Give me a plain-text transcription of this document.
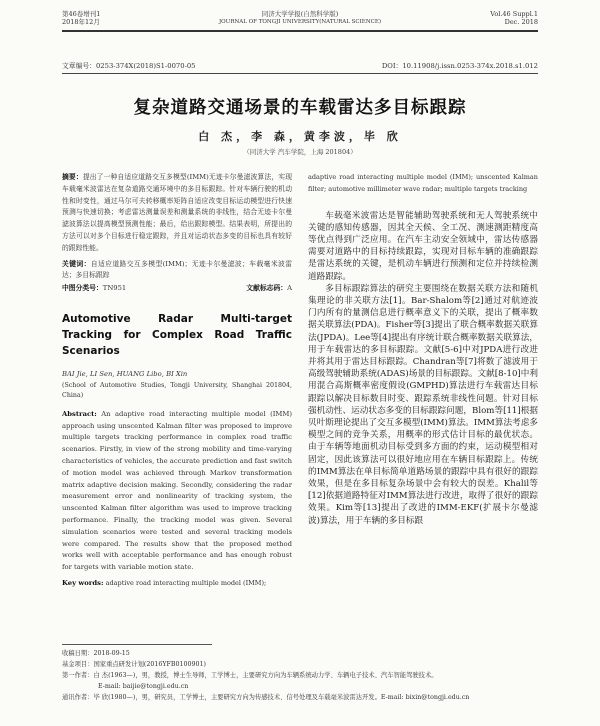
第46卷增刊1
2018年12月
同济大学学报(自然科学版)
JOURNAL OF TONGJI UNIVERSITY(NATURAL SCIENCE)
Vol.46 Suppl.1
Dec. 2018
文章编号：0253-374X(2018)S1-0070-05	DOI：10.11908/j.issn.0253-374x.2018.s1.012
复杂道路交通场景的车载雷达多目标跟踪
白 杰，李 森，黄李波，毕 欣
（同济大学 汽车学院，上海 201804）
摘要：提出了一种自适应道路交互多模型(IMM)无迹卡尔曼滤波算法，实现车载毫米波雷达在复杂道路交通环境中的多目标跟踪。针对车辆行驶的机动性和时变性，通过马尔可夫转移概率矩阵自适应改变目标运动模型进行快速预测与快速切换；考虑雷达测量误差和测量系统的非线性，结合无迹卡尔曼滤波算法以提高模型预测性能；最后，给出跟踪模型。结果表明，所提出的方法可以对多个目标进行稳定跟踪，并且对运动状态多变的目标也具有较好的跟踪性能。
关键词：自适应道路交互多模型(IMM)；无迹卡尔曼滤波；车载毫米波雷达；多目标跟踪
中图分类号：TN951	文献标志码：A
Automotive Radar Multi-target Tracking for Complex Road Traffic Scenarios
BAI Jie, LI Sen, HUANG Libo, BI Xin
(School of Automotive Studies, Tongji University, Shanghai 201804, China)
Abstract: An adaptive road interacting multiple model (IMM) approach using unscented Kalman filter was proposed to improve multiple targets tracking performance in complex road traffic scenarios. Firstly, in view of the strong mobility and time-varying characteristics of vehicles, the accurate prediction and fast switch of motion model was achieved through Markov transformation matrix adaptive decision making. Secondly, considering the radar measurement error and nonlinearity of tracking system, the unscented Kalman filter algorithm was used to improve tracking performance. Finally, the tracking model was given. Several simulation scenarios were tested and several tracking models were compared. The results show that the proposed method works well with acceptable performance and has enough robust for targets with variable motion state.
Key words: adaptive road interacting multiple model (IMM);
adaptive road interacting multiple model (IMM); unscented Kalman filter; automotive millimeter wave radar; multiple targets tracking

车载毫米波雷达是智能辅助驾驶系统和无人驾驶系统中关键的感知传感器，因其全天候、全工况、测速测距精度高等优点得到广泛应用。在汽车主动安全领域中，雷达传感器需要对道路中的目标持续跟踪，实现对目标车辆的准确跟踪是雷达系统的关键，是机动车辆进行预测和定位并持续检测道路跟踪。

多目标跟踪算法的研究主要围绕在数据关联方法和随机集理论的非关联方法[1]。Bar-Shalom等[2]通过对航迹波门内所有的量测信息进行概率意义下的关联，提出了概率数据关联算法(PDA)。Fisher等[3]提出了联合概率数据关联算法(JPDA)。Lee等[4]提出有序统计联合概率数据关联算法，用于车载雷达的多目标跟踪。文献[5-6]中对JPDA进行改进并将其用于雷达目标跟踪。Chandran等[7]将数了滤波用于高级驾驶辅助系统(ADAS)场景的目标跟踪。文献[8-10]中利用混合高斯概率密度假设(GMPHD)算法进行车载雷达目标跟踪以解决目标数目时变、跟踪系统非线性问题。针对目标强机动性、运动状态多变的目标跟踪问题，Blom等[11]根据贝叶斯理论提出了交互多模型(IMM)算法。IMM算法考虑多模型之间的竞争关系，用概率的形式估计目标的最优状态。由于车辆等地面机动目标受到多方面的约束，运动模型相对固定，因此该算法可以很好地应用在车辆目标跟踪上。传统的IMM算法在单目标简单道路场景的跟踪中具有很好的跟踪效果，但是在多目标复杂场景中会有较大的误差。Khalil等[12]依据道路特征对IMM算法进行改进，取得了很好的跟踪效果。Kim等[13]提出了改进的IMM-EKF(扩展卡尔曼滤波)算法，用于车辆的多目标跟

收稿日期：2018-09-15
基金项目：国家重点研发计划(2016YFB0100901)
第一作者：白 杰(1963—)，男，教授，博士生导师，工学博士，主要研究方向为车辆系统动力学、车辆电子技术、汽车智能驾驶技术。
E-mail: baijie@tongji.edu.cn
通讯作者：毕 欣(1980—)，男，研究员，工学博士，主要研究方向为传感技术、信号处理及车载毫米波雷达开发。E-mail: bixin@tongji.edu.cn
